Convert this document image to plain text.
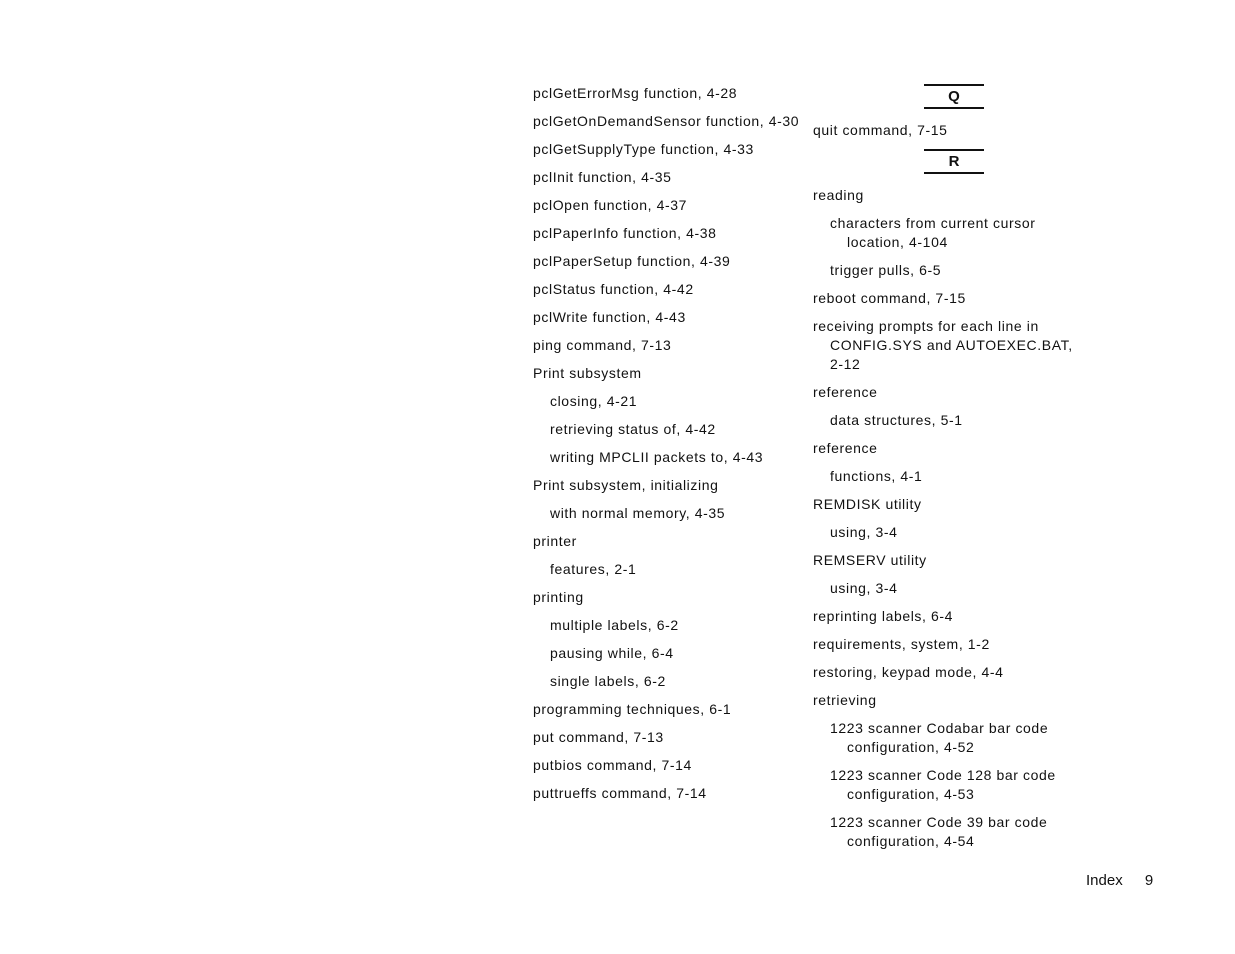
pclGetErrorMsg function, 4-28
pclGetOnDemandSensor function, 4-30
pclGetSupplyType function, 4-33
pclInit function, 4-35
pclOpen function, 4-37
pclPaperInfo function, 4-38
pclPaperSetup function, 4-39
pclStatus function, 4-42
pclWrite function, 4-43
ping command, 7-13
Print subsystem
closing, 4-21
retrieving status of, 4-42
writing MPCLII packets to, 4-43
Print subsystem, initializing
with normal memory, 4-35
printer
features, 2-1
printing
multiple labels, 6-2
pausing while, 6-4
single labels, 6-2
programming techniques, 6-1
put command, 7-13
putbios command, 7-14
puttrueffs command, 7-14
Q
quit command, 7-15
R
reading
characters from current cursor location, 4-104
trigger pulls, 6-5
reboot command, 7-15
receiving prompts for each line in CONFIG.SYS and AUTOEXEC.BAT, 2-12
reference
data structures, 5-1
reference
functions, 4-1
REMDISK utility
using, 3-4
REMSERV utility
using, 3-4
reprinting labels, 6-4
requirements, system, 1-2
restoring, keypad mode, 4-4
retrieving
1223 scanner Codabar bar code configuration, 4-52
1223 scanner Code 128 bar code configuration, 4-53
1223 scanner Code 39 bar code configuration, 4-54
Index 9
